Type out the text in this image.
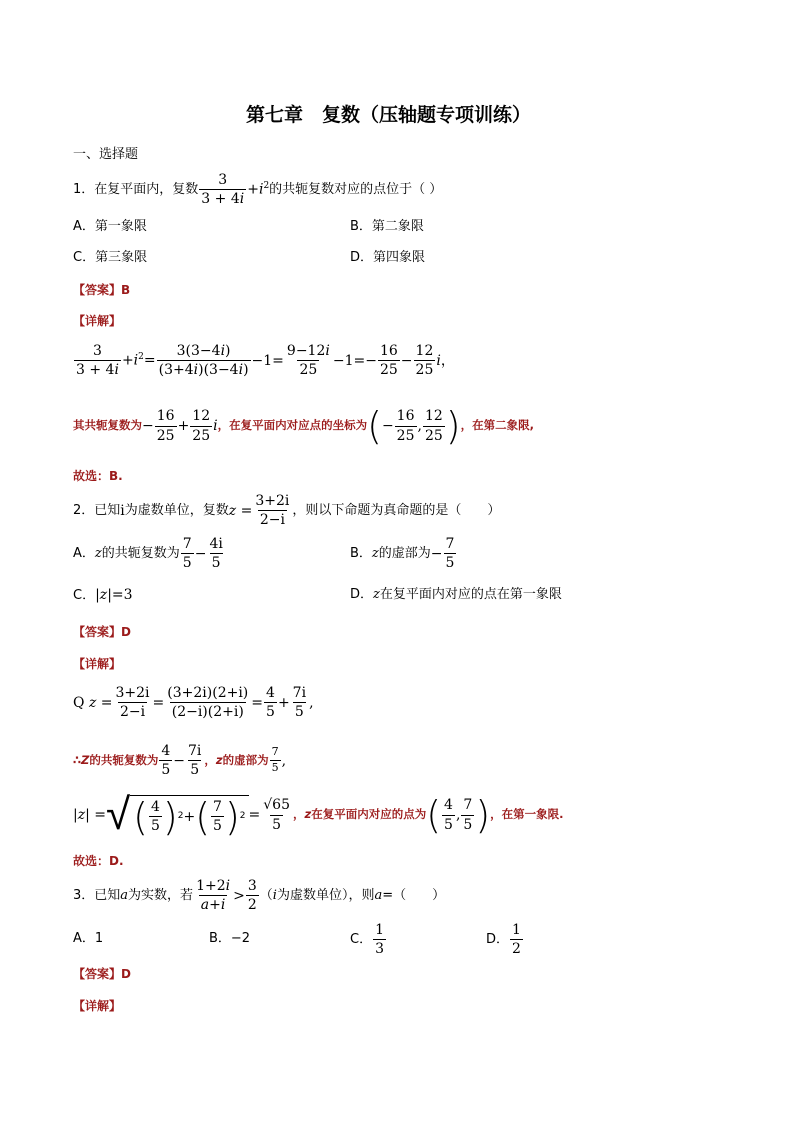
第七章　复数（压轴题专项训练）
一、选择题
1．在复平面内，复数 $\frac{3}{3 + 4i} +i^2$ 的共轭复数对应的点位于（ ）
A．第一象限	B．第二象限
C．第三象限	D．第四象限
【答案】B
【详解】
$\frac{3}{3 + 4i} +i^2= \frac{3(3-4i)}{(3+4i)(3-4i)} -1= \frac{9-12i}{25} -1=- \frac{16}{25} - \frac{12}{25}$ i，
其共轭复数为 − $\frac{16}{25} + \frac{12}{25}$ i ，在复平面内对应点的坐标为 ( − $\frac{16}{25}$ , $\frac{12}{25}$ ) ，在第二象限,
故选：B.
2．已知 i 为虚数单位，复数 $z = \frac{3+2i}{2-i}$ ，则以下命题为真命题的是（　　）
A． z 的共轭复数为 $\frac{7}{5} - \frac{4i}{5}$	B． z 的虚部为 − $\frac{7}{5}$
C． |z| =3	D． z 在复平面内对应的点在第一象限
【答案】D
【详解】
Q $z = \frac{3+2i}{2-i} = \frac{(3+2i)(2+i)}{(2-i)(2+i)} = \frac{4}{5} + \frac{7i}{5}$ ,
∴ Z 的共轭复数为 $\frac{4}{5} - \frac{7i}{5}$ ，z 的虚部为 $\frac{7}{5}$ ,
|z| = √ ( $\frac{4}{5}$ ) 2 + ( $\frac{7}{5}$ ) $2 = \frac{√65}{5}$ ，z 在复平面内对应的点为 ( $\frac{4}{5}$ , $\frac{7}{5}$ ) ，在第一象限.
故选：D.
3．已知 a 为实数，若 $\frac{1+2i}{a+i} > \frac{3}{2}$ （ i 为虚数单位），则 a =（　　）
A．1	B．−2	C． $\frac{1}{3}$	D． $\frac{1}{2}$
【答案】D
【详解】
